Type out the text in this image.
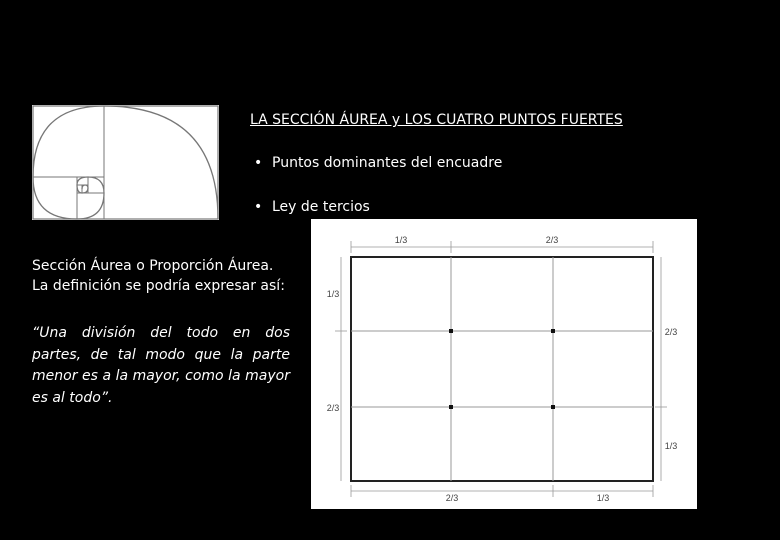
LA SECCIÓN ÁUREA y LOS CUATRO PUNTOS FUERTES
• Puntos dominantes del encuadre
• Ley de tercios
Sección Áurea o Proporción Áurea.
La definición se podría expresar así:
“Una división del todo en dos partes, de tal modo que la parte menor es a la mayor, como la mayor es al todo”.
1/3	2/3
1/3
2/3
2/3
1/3
2/3	1/3
